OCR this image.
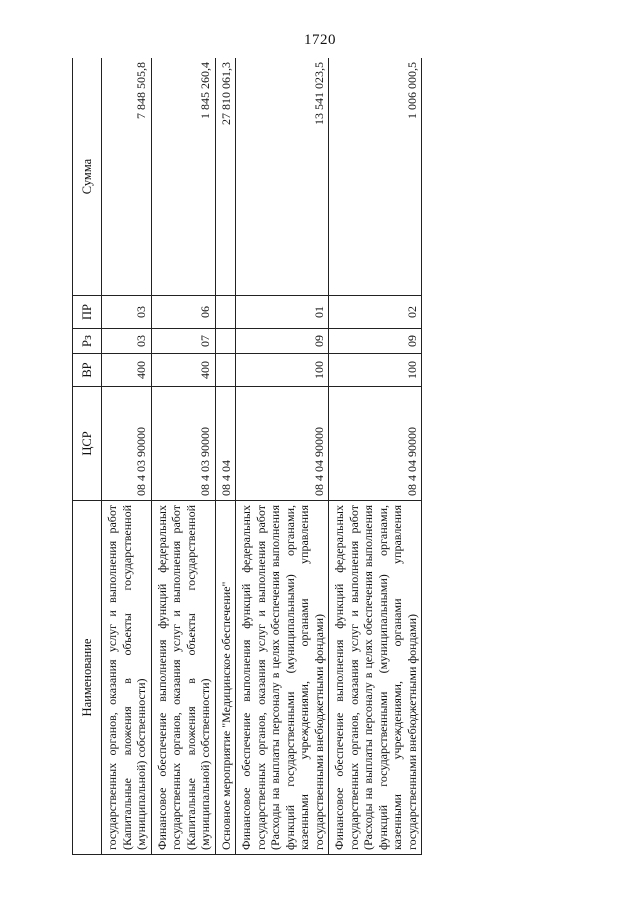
1720
Наименование	ЦСР	ВР	Рз	ПР	Сумма
государственных органов, оказания услуг и выполнения работ (Капитальные вложения в объекты государственной (муниципальной) собственности)	08 4 03 90000	400	03	03	7 848 505,8
Финансовое обеспечение выполнения функций федеральных государственных органов, оказания услуг и выполнения работ (Капитальные вложения в объекты государственной (муниципальной) собственности)	08 4 03 90000	400	07	06	1 845 260,4
Основное мероприятие "Медицинское обеспечение"	08 4 04				27 810 061,3
Финансовое обеспечение выполнения функций федеральных государственных органов, оказания услуг и выполнения работ (Расходы на выплаты персоналу в целях обеспечения выполнения функций государственными (муниципальными) органами, казенными учреждениями, органами управления государственными внебюджетными фондами)	08 4 04 90000	100	09	01	13 541 023,5
Финансовое обеспечение выполнения функций федеральных государственных органов, оказания услуг и выполнения работ (Расходы на выплаты персоналу в целях обеспечения выполнения функций государственными (муниципальными) органами, казенными учреждениями, органами управления государственными внебюджетными фондами)	08 4 04 90000	100	09	02	1 006 000,5
